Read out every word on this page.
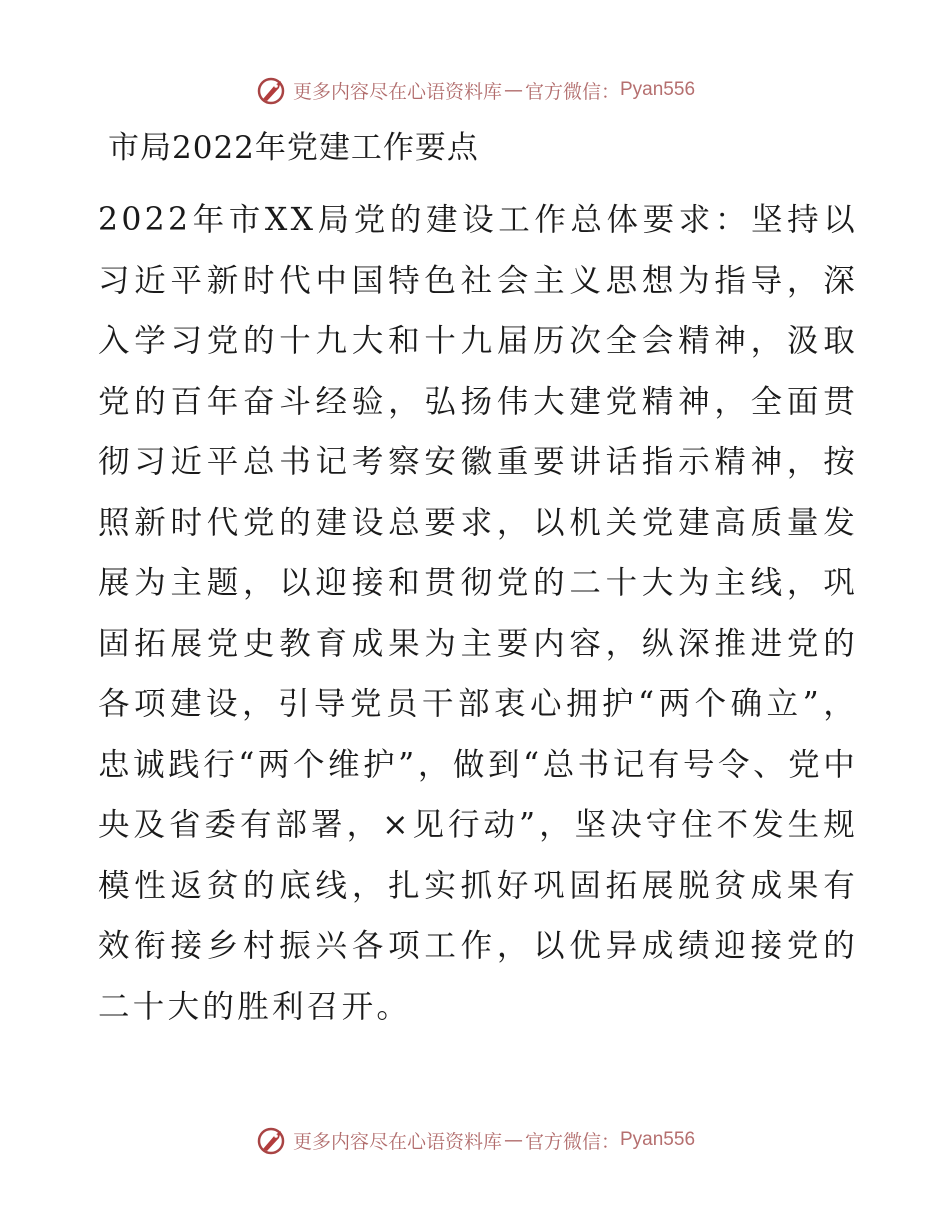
更多内容尽在心语资料库 — 官方微信： Pyan556
市局2022年党建工作要点

2022年市XX局党的建设工作总体要求：坚持以习近平新时代中国特色社会主义思想为指导，深入学习党的十九大和十九届历次全会精神，汲取党的百年奋斗经验，弘扬伟大建党精神，全面贯彻习近平总书记考察安徽重要讲话指示精神，按照新时代党的建设总要求，以机关党建高质量发展为主题，以迎接和贯彻党的二十大为主线，巩固拓展党史教育成果为主要内容，纵深推进党的各项建设，引导党员干部衷心拥护“两个确立”，忠诚践行“两个维护”，做到“总书记有号令、党中央及省委有部署，×见行动”，坚决守住不发生规模性返贫的底线，扎实抓好巩固拓展脱贫成果有效衔接乡村振兴各项工作，以优异成绩迎接党的二十大的胜利召开。

更多内容尽在心语资料库 — 官方微信： Pyan556
